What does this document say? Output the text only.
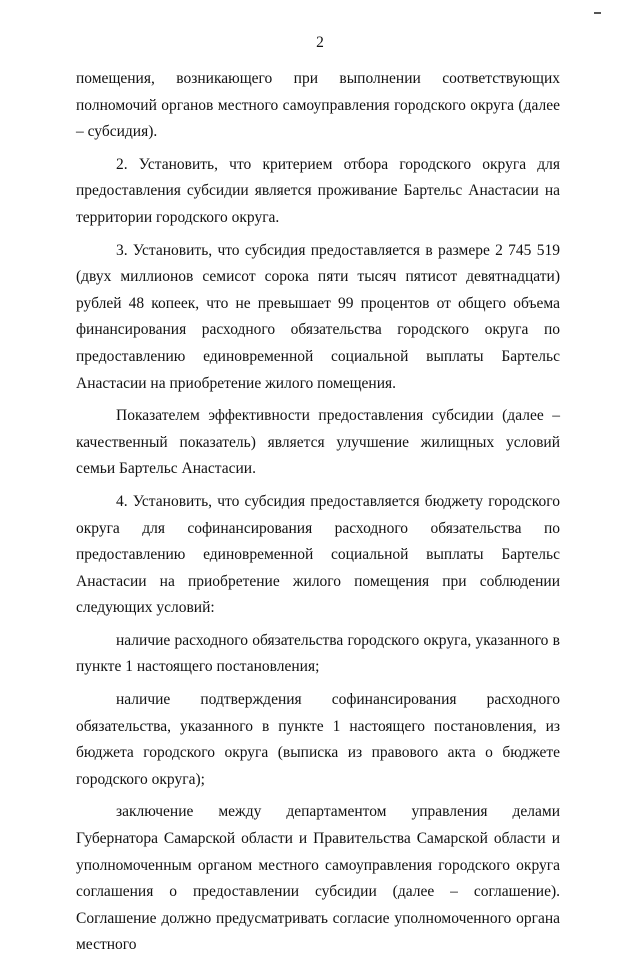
2

помещения, возникающего при выполнении соответствующих полномочий органов местного самоуправления городского округа (далее – субсидия).

2. Установить, что критерием отбора городского округа для предоставления субсидии является проживание Бартельс Анастасии на территории городского округа.

3. Установить, что субсидия предоставляется в размере 2 745 519 (двух миллионов семисот сорока пяти тысяч пятисот девятнадцати) рублей 48 копеек, что не превышает 99 процентов от общего объема финансирования расходного обязательства городского округа по предоставлению единовременной социальной выплаты Бартельс Анастасии на приобретение жилого помещения.

Показателем эффективности предоставления субсидии (далее – качественный показатель) является улучшение жилищных условий семьи Бартельс Анастасии.

4. Установить, что субсидия предоставляется бюджету городского округа для софинансирования расходного обязательства по предоставлению единовременной социальной выплаты Бартельс Анастасии на приобретение жилого помещения при соблюдении следующих условий:

наличие расходного обязательства городского округа, указанного в пункте 1 настоящего постановления;

наличие подтверждения софинансирования расходного обязательства, указанного в пункте 1 настоящего постановления, из бюджета городского округа (выписка из правового акта о бюджете городского округа);

заключение между департаментом управления делами Губернатора Самарской области и Правительства Самарской области и уполномоченным органом местного самоуправления городского округа соглашения о предоставлении субсидии (далее – соглашение). Соглашение должно предусматривать согласие уполномоченного органа местного
